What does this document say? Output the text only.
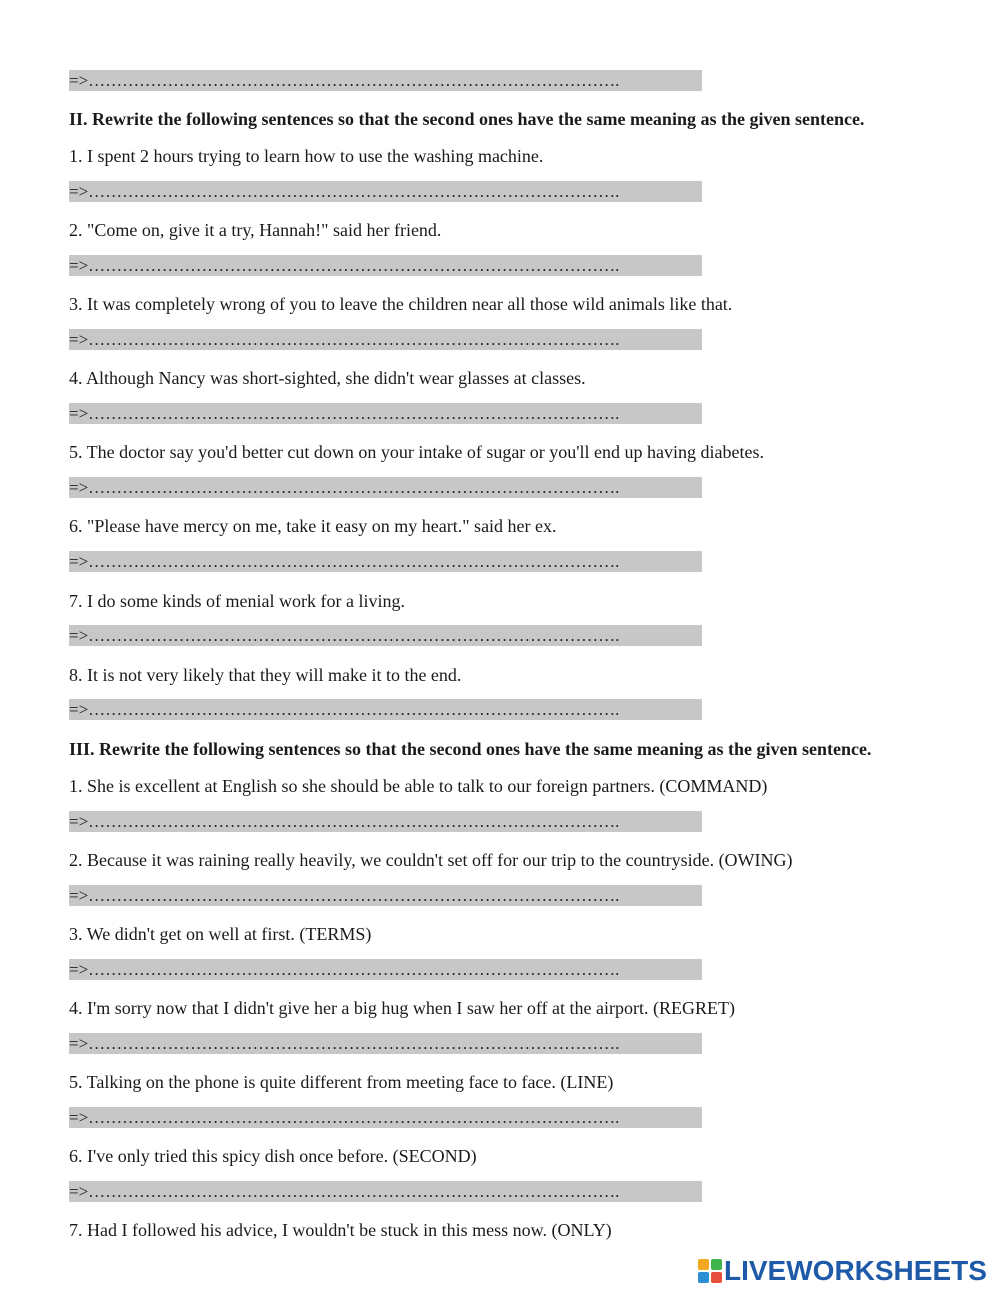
=>………………………………………………………………………………….
II. Rewrite the following sentences so that the second ones have the same meaning as the given sentence.
1. I spent 2 hours trying to learn how to use the washing machine.
=>………………………………………………………………………………….
2. "Come on, give it a try, Hannah!" said her friend.
=>………………………………………………………………………………….
3. It was completely wrong of you to leave the children near all those wild animals like that.
=>………………………………………………………………………………….
4. Although Nancy was short-sighted, she didn't wear glasses at classes.
=>………………………………………………………………………………….
5. The doctor say you'd better cut down on your intake of sugar or you'll end up having diabetes.
=>………………………………………………………………………………….
6. "Please have mercy on me, take it easy on my heart." said her ex.
=>………………………………………………………………………………….
7. I do some kinds of menial work for a living.
=>………………………………………………………………………………….
8. It is not very likely that they will make it to the end.
=>………………………………………………………………………………….
III. Rewrite the following sentences so that the second ones have the same meaning as the given sentence.
1. She is excellent at English so she should be able to talk to our foreign partners. (COMMAND)
=>………………………………………………………………………………….
2. Because it was raining really heavily, we couldn't set off for our trip to the countryside. (OWING)
=>………………………………………………………………………………….
3. We didn't get on well at first. (TERMS)
=>………………………………………………………………………………….
4. I'm sorry now that I didn't give her a big hug when I saw her off at the airport. (REGRET)
=>………………………………………………………………………………….
5. Talking on the phone is quite different from meeting face to face. (LINE)
=>………………………………………………………………………………….
6. I've only tried this spicy dish once before. (SECOND)
=>………………………………………………………………………………….
7. Had I followed his advice, I wouldn't be stuck in this mess now. (ONLY)
LIVEWORKSHEETS
